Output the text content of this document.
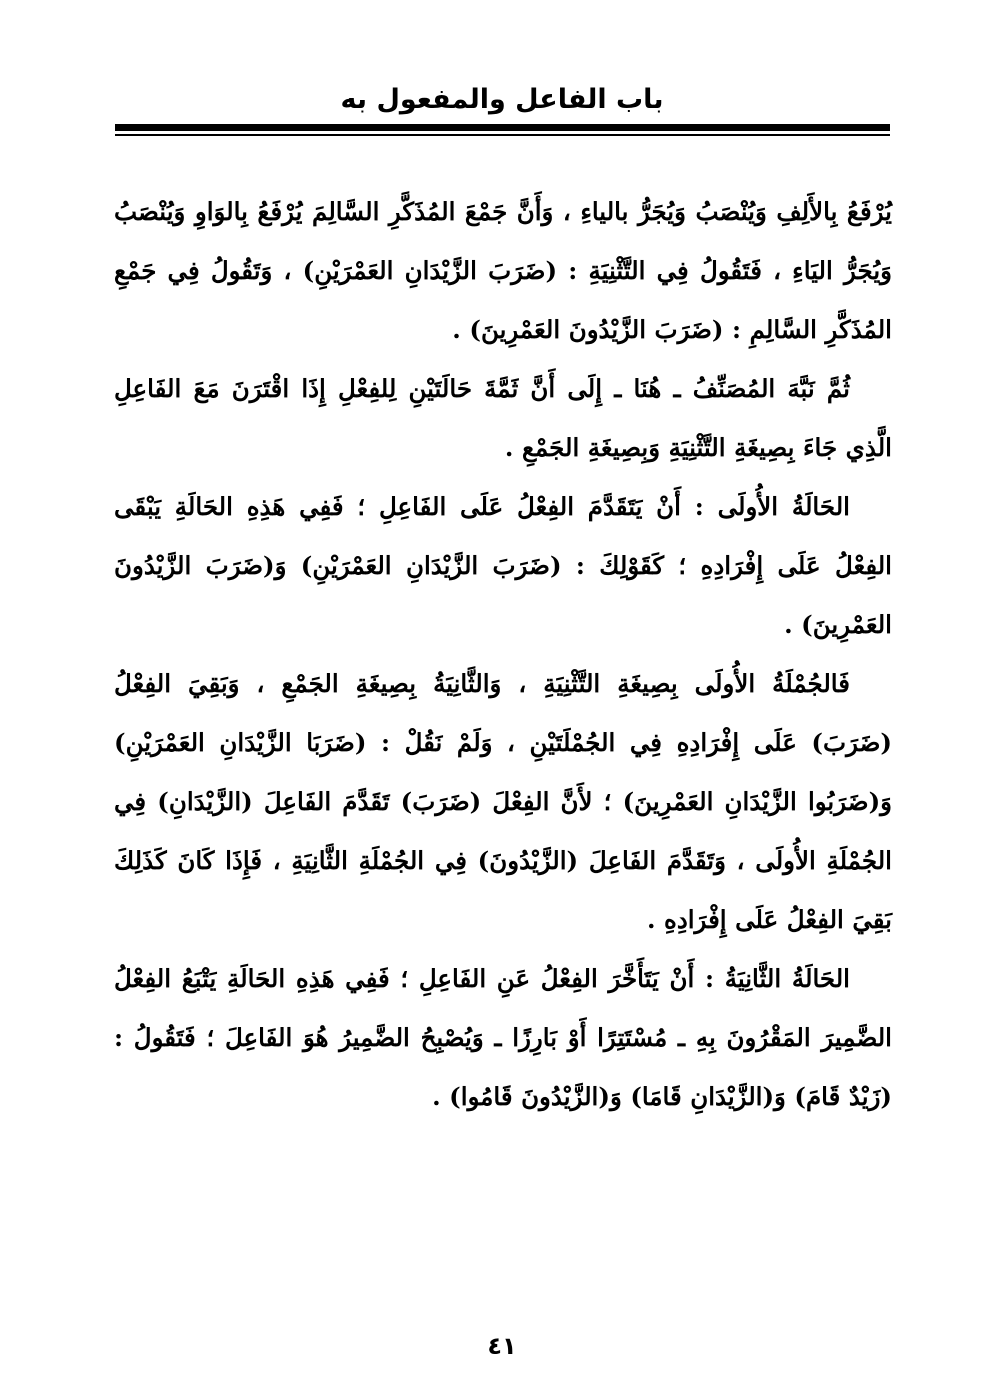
باب الفاعل والمفعول به

يُرْفَعُ بِالأَلِفِ وَيُنْصَبُ وَيُجَرُّ بالياءِ ، وَأَنَّ جَمْعَ المُذَكَّرِ السَّالِمَ يُرْفَعُ بِالوَاوِ وَيُنْصَبُ وَيُجَرُّ اليَاءِ ، فَتَقُولُ فِي التَّثْنِيَةِ : (ضَرَبَ الزَّيْدَانِ العَمْرَيْنِ) ، وَتَقُولُ فِي جَمْعِ المُذَكَّرِ السَّالِمِ : (ضَرَبَ الزَّيْدُونَ العَمْرِينَ) .

ثُمَّ نَبَّهَ المُصَنِّفُ ـ هُنَا ـ إِلَى أَنَّ ثَمَّةَ حَالَتَيْنِ لِلفِعْلِ إِذَا اقْتَرَنَ مَعَ الفَاعِلِ الَّذِي جَاءَ بِصِيغَةِ التَّثْنِيَةِ وَبِصِيغَةِ الجَمْعِ .

الحَالَةُ الأُولَى : أَنْ يَتَقَدَّمَ الفِعْلُ عَلَى الفَاعِلِ ؛ فَفِي هَذِهِ الحَالَةِ يَبْقَى الفِعْلُ عَلَى إِفْرَادِهِ ؛ كَقَوْلِكَ : (ضَرَبَ الزَّيْدَانِ العَمْرَيْنِ) وَ(ضَرَبَ الزَّيْدُونَ العَمْرِينَ) .

فَالجُمْلَةُ الأُولَى بِصِيغَةِ التَّثْنِيَةِ ، وَالثَّانِيَةُ بِصِيغَةِ الجَمْعِ ، وَبَقِيَ الفِعْلُ (ضَرَبَ) عَلَى إِفْرَادِهِ فِي الجُمْلَتَيْنِ ، وَلَمْ نَقُلْ : (ضَرَبَا الزَّيْدَانِ العَمْرَيْنِ) وَ(ضَرَبُوا الزَّيْدَانِ العَمْرِينَ) ؛ لأَنَّ الفِعْلَ (ضَرَبَ) تَقَدَّمَ الفَاعِلَ (الزَّيْدَانِ) فِي الجُمْلَةِ الأُولَى ، وَتَقَدَّمَ الفَاعِلَ (الزَّيْدُونَ) فِي الجُمْلَةِ الثَّانِيَةِ ، فَإِذَا كَانَ كَذَلِكَ بَقِيَ الفِعْلُ عَلَى إِفْرَادِهِ .

الحَالَةُ الثَّانِيَةُ : أَنْ يَتَأَخَّرَ الفِعْلُ عَنِ الفَاعِلِ ؛ فَفِي هَذِهِ الحَالَةِ يَتْبَعُ الفِعْلُ الضَّمِيرَ المَقْرُونَ بِهِ ـ مُسْتَتِرًا أَوْ بَارِزًا ـ وَيُصْبِحُ الضَّمِيرُ هُوَ الفَاعِلَ ؛ فَتَقُولُ : (زَيْدٌ قَامَ) وَ(الزَّيْدَانِ قَامَا) وَ(الزَّيْدُونَ قَامُوا) .

٤١
